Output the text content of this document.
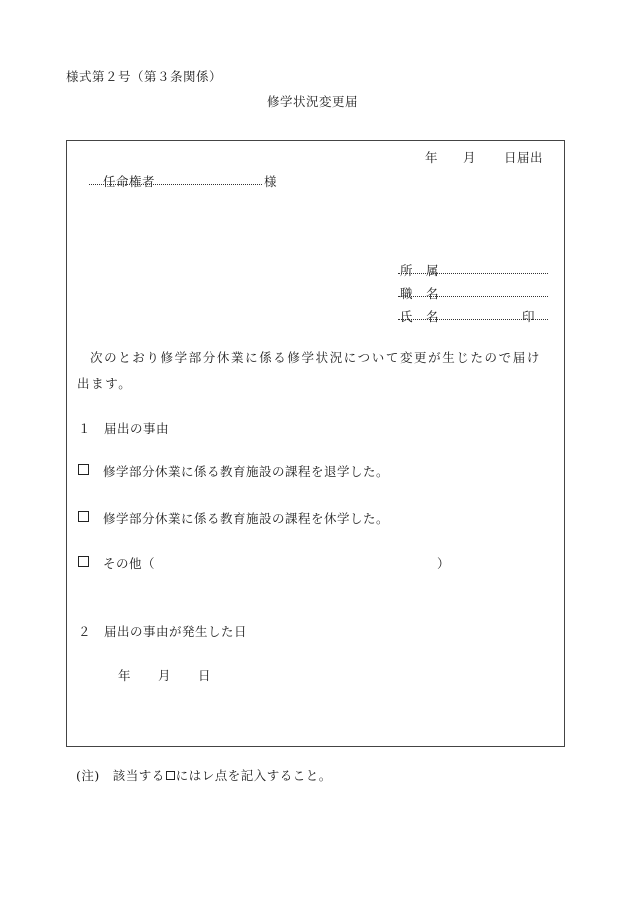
様式第２号（第３条関係）
修学状況変更届
年 月 日届出
任命権者	様
所　属
職　名
氏　名	印
次のとおり修学部分休業に係る修学状況について変更が生じたので届け出ます。
１　届出の事由
修学部分休業に係る教育施設の課程を退学した。
修学部分休業に係る教育施設の課程を休学した。
その他（	）
２　届出の事由が発生した日
年 月 日
(注)　該当する にはレ点を記入すること。
